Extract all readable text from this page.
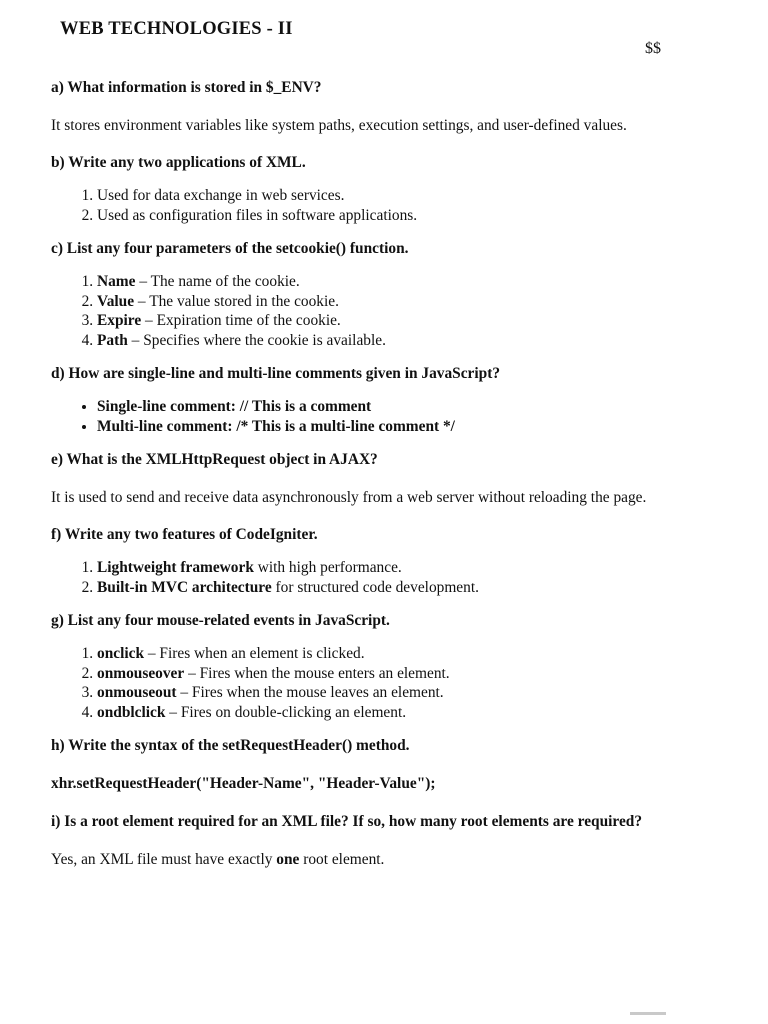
WEB TECHNOLOGIES - II

$$

a) What information is stored in $_ENV?

It stores environment variables like system paths, execution settings, and user-defined values.

b) Write any two applications of XML.

1. Used for data exchange in web services.
2. Used as configuration files in software applications.

c) List any four parameters of the setcookie() function.

1. Name – The name of the cookie.
2. Value – The value stored in the cookie.
3. Expire – Expiration time of the cookie.
4. Path – Specifies where the cookie is available.

d) How are single-line and multi-line comments given in JavaScript?

• Single-line comment: // This is a comment
• Multi-line comment: /* This is a multi-line comment */

e) What is the XMLHttpRequest object in AJAX?

It is used to send and receive data asynchronously from a web server without reloading the page.

f) Write any two features of CodeIgniter.

1. Lightweight framework with high performance.
2. Built-in MVC architecture for structured code development.

g) List any four mouse-related events in JavaScript.

1. onclick – Fires when an element is clicked.
2. onmouseover – Fires when the mouse enters an element.
3. onmouseout – Fires when the mouse leaves an element.
4. ondblclick – Fires on double-clicking an element.

h) Write the syntax of the setRequestHeader() method.

xhr.setRequestHeader("Header-Name", "Header-Value");

i) Is a root element required for an XML file? If so, how many root elements are required?

Yes, an XML file must have exactly one root element.
